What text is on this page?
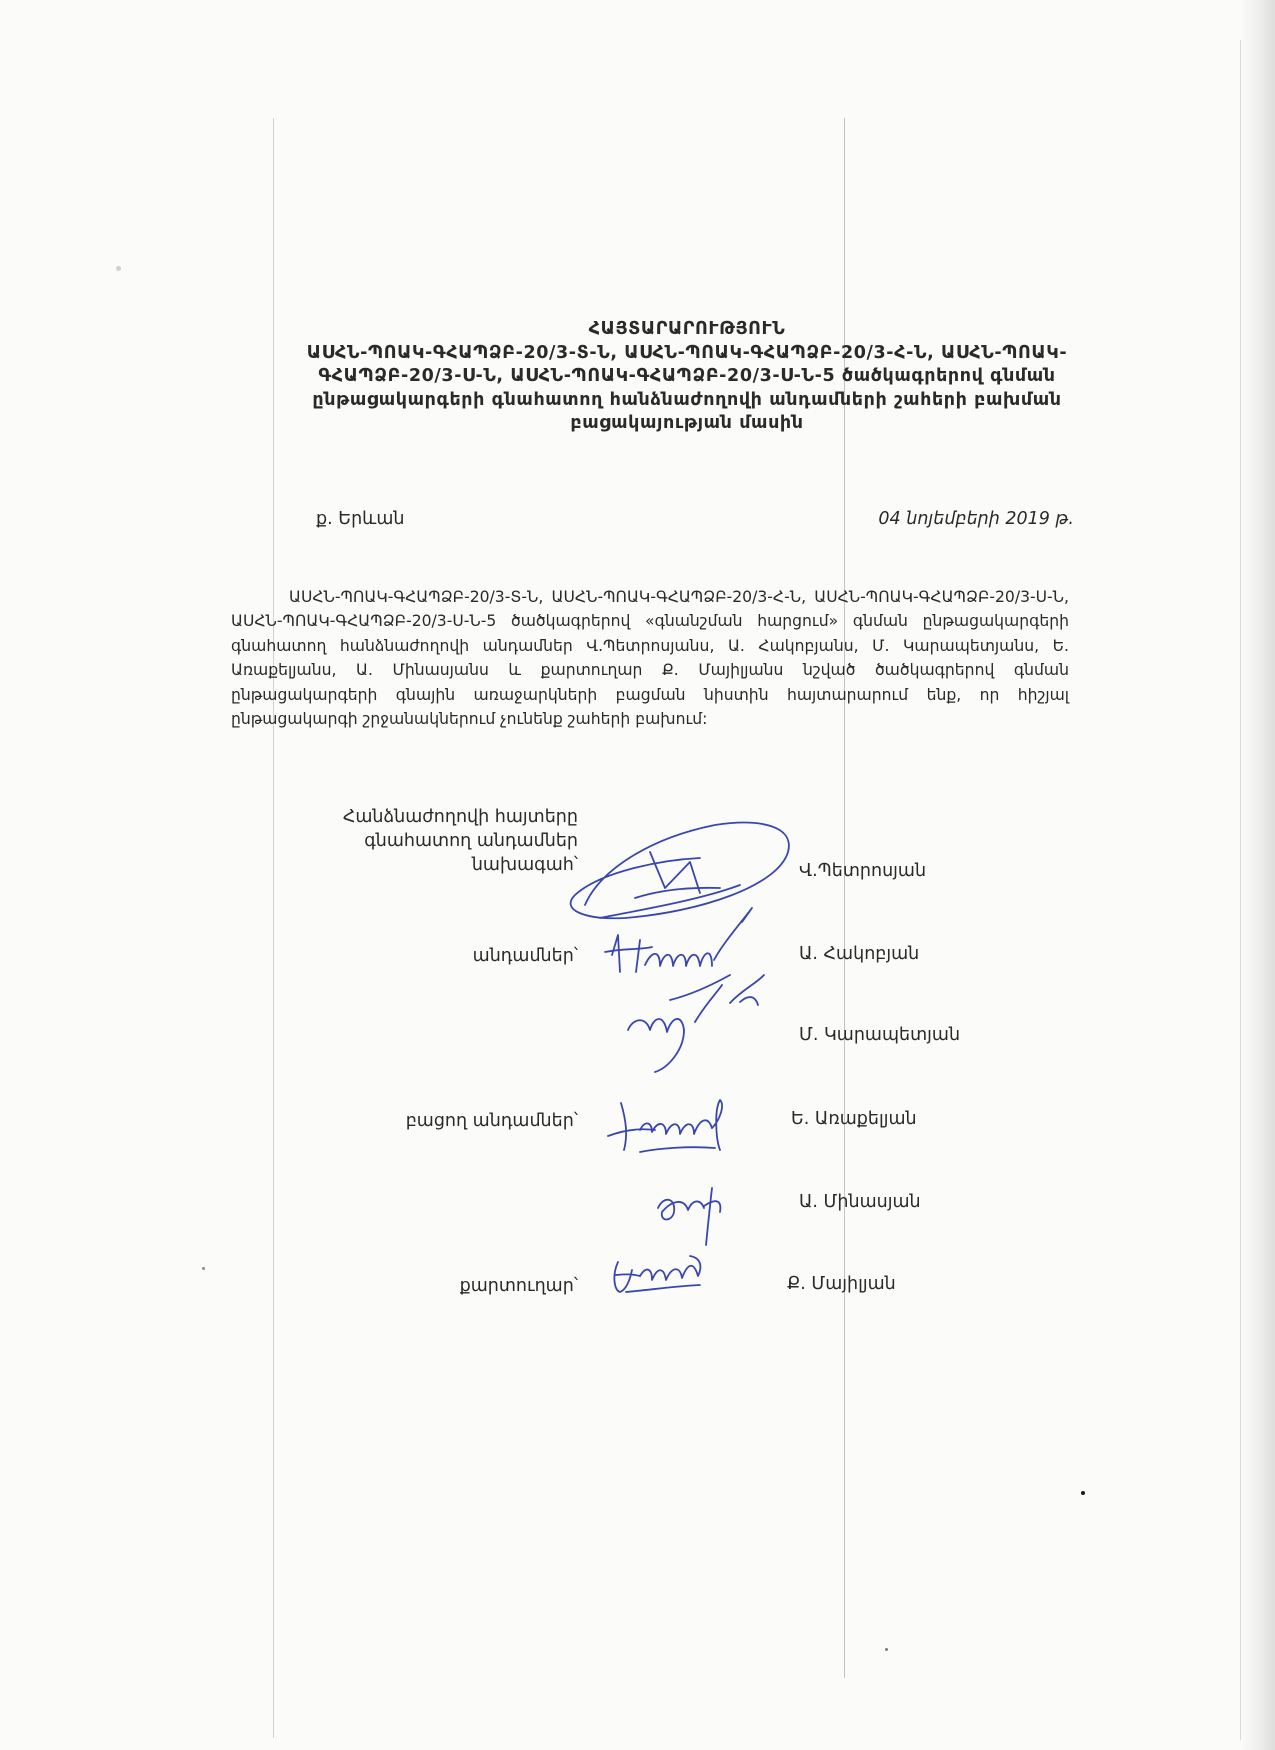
ՀԱՅՏԱՐԱՐՈՒԹՅՈՒՆ
ԱՍՀՆ-ՊՈԱԿ-ԳՀԱՊՁԲ-20/3-Տ-Ն, ԱՍՀՆ-ՊՈԱԿ-ԳՀԱՊՁԲ-20/3-Հ-Ն, ԱՍՀՆ-ՊՈԱԿ-
ԳՀԱՊՁԲ-20/3-Ս-Ն, ԱՍՀՆ-ՊՈԱԿ-ԳՀԱՊՁԲ-20/3-Ս-Ն-5 ծածկագրերով գնման
ընթացակարգերի գնահատող հանձնաժողովի անդամների շահերի բախման
բացակայության մասին
ք. Երևան	04 նոյեմբերի 2019 թ.

ԱՍՀՆ-ՊՈԱԿ-ԳՀԱՊՁԲ-20/3-Տ-Ն, ԱՍՀՆ-ՊՈԱԿ-ԳՀԱՊՁԲ-20/3-Հ-Ն, ԱՍՀՆ-ՊՈԱԿ-ԳՀԱՊՁԲ-20/3-Ս-Ն, ԱՍՀՆ-ՊՈԱԿ-ԳՀԱՊՁԲ-20/3-Ս-Ն-5 ծածկագրերով «գնանշման հարցում» գնման ընթացակարգերի գնահատող հանձնաժողովի անդամներ Վ.Պետրոսյանս, Ա. Հակոբյանս, Մ. Կարապետյանս, Ե. Առաքելյանս, Ա. Մինասյանս և քարտուղար Ք. Մայիլյանս նշված ծածկագրերով գնման ընթացակարգերի գնային առաջարկների բացման նիստին հայտարարում ենք, որ հիշյալ ընթացակարգի շրջանակներում չունենք շահերի բախում:

Հանձնաժողովի հայտերը
գնահատող անդամներ
նախագահ՝	Վ.Պետրոսյան
անդամներ՝	Ա. Հակոբյան
Մ. Կարապետյան
բացող անդամներ՝	Ե. Առաքելյան
Ա. Մինասյան
քարտուղար՝	Ք. Մայիլյան
